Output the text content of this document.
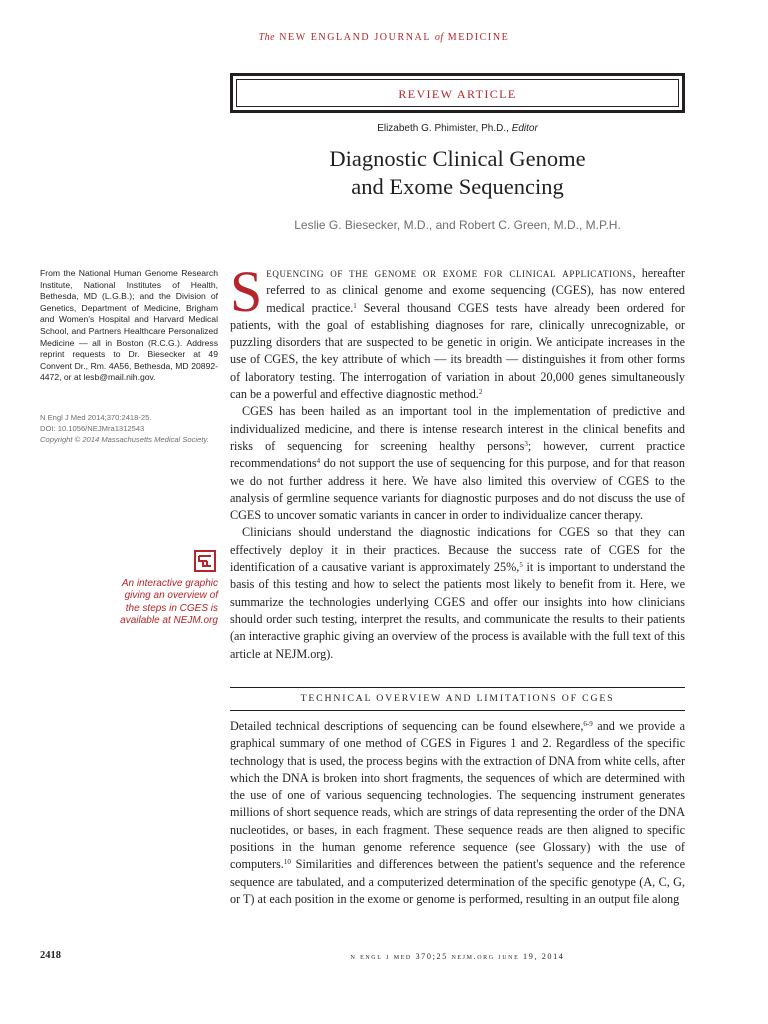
The NEW ENGLAND JOURNAL of MEDICINE
REVIEW ARTICLE
Elizabeth G. Phimister, Ph.D., Editor
Diagnostic Clinical Genome
and Exome Sequencing
Leslie G. Biesecker, M.D., and Robert C. Green, M.D., M.P.H.
From the National Human Genome Research Institute, National Institutes of Health, Bethesda, MD (L.G.B.); and the Division of Genetics, Department of Medicine, Brigham and Women's Hospital and Harvard Medical School, and Partners Healthcare Personalized Medicine — all in Boston (R.C.G.). Address reprint requests to Dr. Biesecker at 49 Convent Dr., Rm. 4A56, Bethesda, MD 20892-4472, or at lesb@mail.nih.gov.
N Engl J Med 2014;370:2418-25.
DOI: 10.1056/NEJMra1312543
Copyright © 2014 Massachusetts Medical Society.
An interactive graphic giving an overview of the steps in CGES is available at NEJM.org

Sequencing of the genome or exome for clinical applications, hereafter referred to as clinical genome and exome sequencing (CGES), has now entered medical practice.$^1$ Several thousand CGES tests have already been ordered for patients, with the goal of establishing diagnoses for rare, clinically unrecognizable, or puzzling disorders that are suspected to be genetic in origin. We anticipate increases in the use of CGES, the key attribute of which — its breadth — distinguishes it from other forms of laboratory testing. The interrogation of variation in about 20,000 genes simultaneously can be a powerful and effective diagnostic method.$^2$

CGES has been hailed as an important tool in the implementation of predictive and individualized medicine, and there is intense research interest in the clinical benefits and risks of sequencing for screening healthy persons$^3$; however, current practice recommendations$^4$ do not support the use of sequencing for this purpose, and for that reason we do not further address it here. We have also limited this overview of CGES to the analysis of germline sequence variants for diagnostic purposes and do not discuss the use of CGES to uncover somatic variants in cancer in order to individualize cancer therapy.

Clinicians should understand the diagnostic indications for CGES so that they can effectively deploy it in their practices. Because the success rate of CGES for the identification of a causative variant is approximately 25%,$^5$ it is important to understand the basis of this testing and how to select the patients most likely to benefit from it. Here, we summarize the technologies underlying CGES and offer our insights into how clinicians should order such testing, interpret the results, and communicate the results to their patients (an interactive graphic giving an overview of the process is available with the full text of this article at NEJM.org).

TECHNICAL OVERVIEW AND LIMITATIONS OF CGES

Detailed technical descriptions of sequencing can be found elsewhere,$^{6-9}$ and we provide a graphical summary of one method of CGES in Figures 1 and 2. Regardless of the specific technology that is used, the process begins with the extraction of DNA from white cells, after which the DNA is broken into short fragments, the sequences of which are determined with the use of one of various sequencing technologies. The sequencing instrument generates millions of short sequence reads, which are strings of data representing the order of the DNA nucleotides, or bases, in each fragment. These sequence reads are then aligned to specific positions in the human genome reference sequence (see Glossary) with the use of computers.$^{10}$ Similarities and differences between the patient's sequence and the reference sequence are tabulated, and a computerized determination of the specific genotype (A, C, G, or T) at each position in the exome or genome is performed, resulting in an output file along

2418	n engl j med 370;25 nejm.org june 19, 2014
